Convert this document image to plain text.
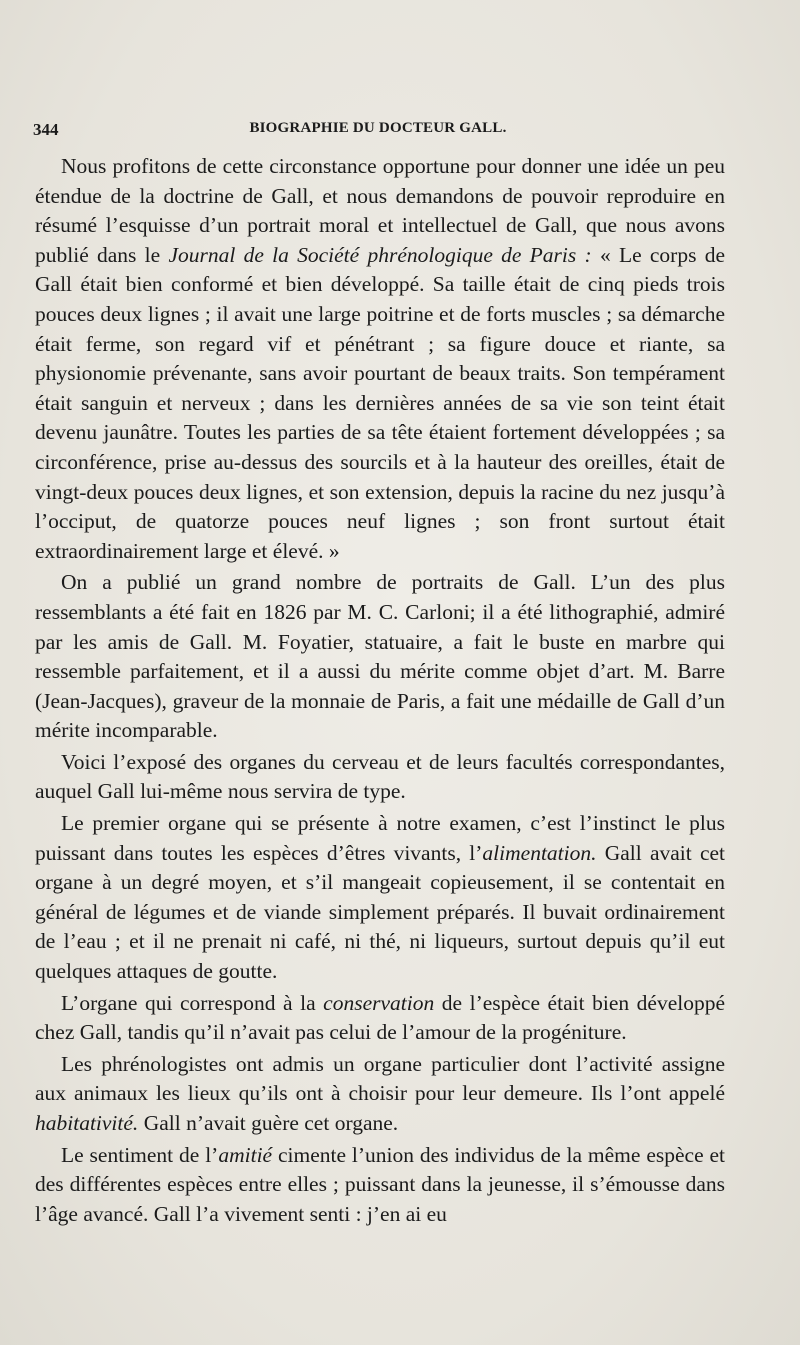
344	BIOGRAPHIE DU DOCTEUR GALL.

Nous profitons de cette circonstance opportune pour donner une idée un peu étendue de la doctrine de Gall, et nous demandons de pouvoir reproduire en résumé l’esquisse d’un portrait moral et intellectuel de Gall, que nous avons publié dans le Journal de la Société phrénologique de Paris : « Le corps de Gall était bien conformé et bien développé. Sa taille était de cinq pieds trois pouces deux lignes ; il avait une large poitrine et de forts muscles ; sa démarche était ferme, son regard vif et pénétrant ; sa figure douce et riante, sa physionomie prévenante, sans avoir pourtant de beaux traits. Son tempérament était sanguin et nerveux ; dans les dernières années de sa vie son teint était devenu jaunâtre. Toutes les parties de sa tête étaient fortement développées ; sa circonférence, prise au-dessus des sourcils et à la hauteur des oreilles, était de vingt-deux pouces deux lignes, et son extension, depuis la racine du nez jusqu’à l’occiput, de quatorze pouces neuf lignes ; son front surtout était extraordinairement large et élevé. »

On a publié un grand nombre de portraits de Gall. L’un des plus ressemblants a été fait en 1826 par M. C. Carloni; il a été lithographié, admiré par les amis de Gall. M. Foyatier, statuaire, a fait le buste en marbre qui ressemble parfaitement, et il a aussi du mérite comme objet d’art. M. Barre (Jean-Jacques), graveur de la monnaie de Paris, a fait une médaille de Gall d’un mérite incomparable.

Voici l’exposé des organes du cerveau et de leurs facultés correspondantes, auquel Gall lui-même nous servira de type.

Le premier organe qui se présente à notre examen, c’est l’instinct le plus puissant dans toutes les espèces d’êtres vivants, l’alimentation. Gall avait cet organe à un degré moyen, et s’il mangeait copieusement, il se contentait en général de légumes et de viande simplement préparés. Il buvait ordinairement de l’eau ; et il ne prenait ni café, ni thé, ni liqueurs, surtout depuis qu’il eut quelques attaques de goutte.

L’organe qui correspond à la conservation de l’espèce était bien développé chez Gall, tandis qu’il n’avait pas celui de l’amour de la progéniture.

Les phrénologistes ont admis un organe particulier dont l’activité assigne aux animaux les lieux qu’ils ont à choisir pour leur demeure. Ils l’ont appelé habitativité. Gall n’avait guère cet organe.

Le sentiment de l’amitié cimente l’union des individus de la même espèce et des différentes espèces entre elles ; puissant dans la jeunesse, il s’émousse dans l’âge avancé. Gall l’a vivement senti : j’en ai eu
